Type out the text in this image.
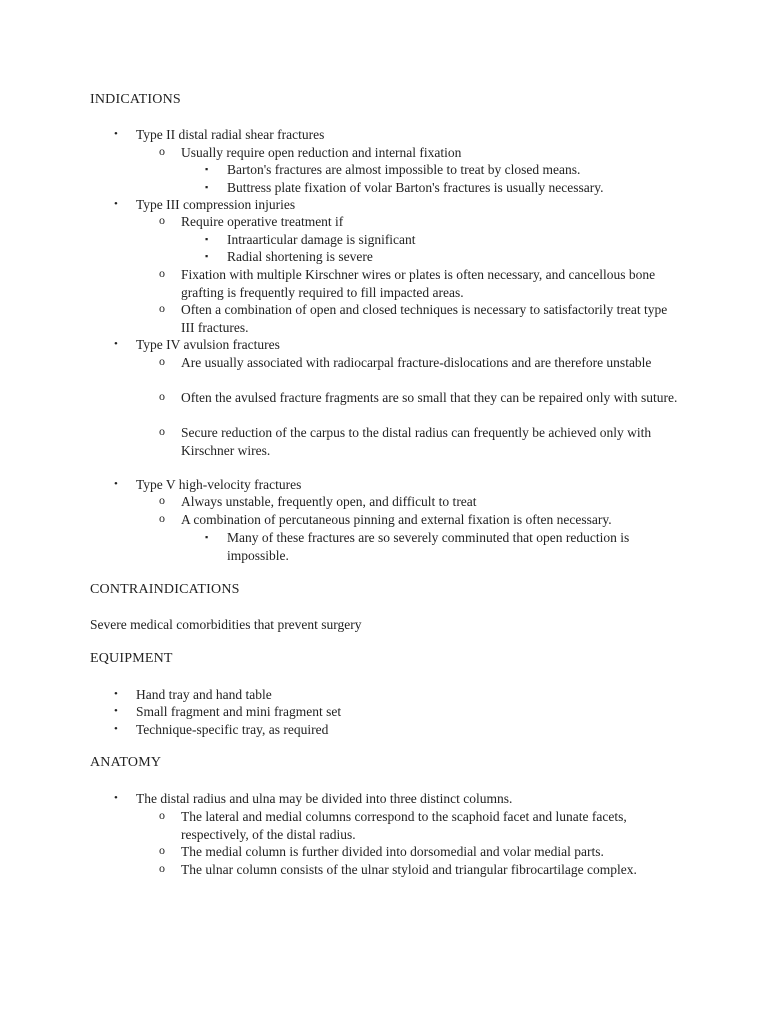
INDICATIONS
• Type II distal radial shear fractures
o Usually require open reduction and internal fixation
▪ Barton's fractures are almost impossible to treat by closed means.
▪ Buttress plate fixation of volar Barton's fractures is usually necessary.
• Type III compression injuries
o Require operative treatment if
▪ Intraarticular damage is significant
▪ Radial shortening is severe
o Fixation with multiple Kirschner wires or plates is often necessary, and cancellous bone grafting is frequently required to fill impacted areas.
o Often a combination of open and closed techniques is necessary to satisfactorily treat type III fractures.
• Type IV avulsion fractures
o Are usually associated with radiocarpal fracture-dislocations and are therefore unstable
o Often the avulsed fracture fragments are so small that they can be repaired only with suture.
o Secure reduction of the carpus to the distal radius can frequently be achieved only with Kirschner wires.
• Type V high-velocity fractures
o Always unstable, frequently open, and difficult to treat
o A combination of percutaneous pinning and external fixation is often necessary.
▪ Many of these fractures are so severely comminuted that open reduction is impossible.
CONTRAINDICATIONS
Severe medical comorbidities that prevent surgery
EQUIPMENT
• Hand tray and hand table
• Small fragment and mini fragment set
• Technique-specific tray, as required
ANATOMY
• The distal radius and ulna may be divided into three distinct columns.
o The lateral and medial columns correspond to the scaphoid facet and lunate facets, respectively, of the distal radius.
o The medial column is further divided into dorsomedial and volar medial parts.
o The ulnar column consists of the ulnar styloid and triangular fibrocartilage complex.
